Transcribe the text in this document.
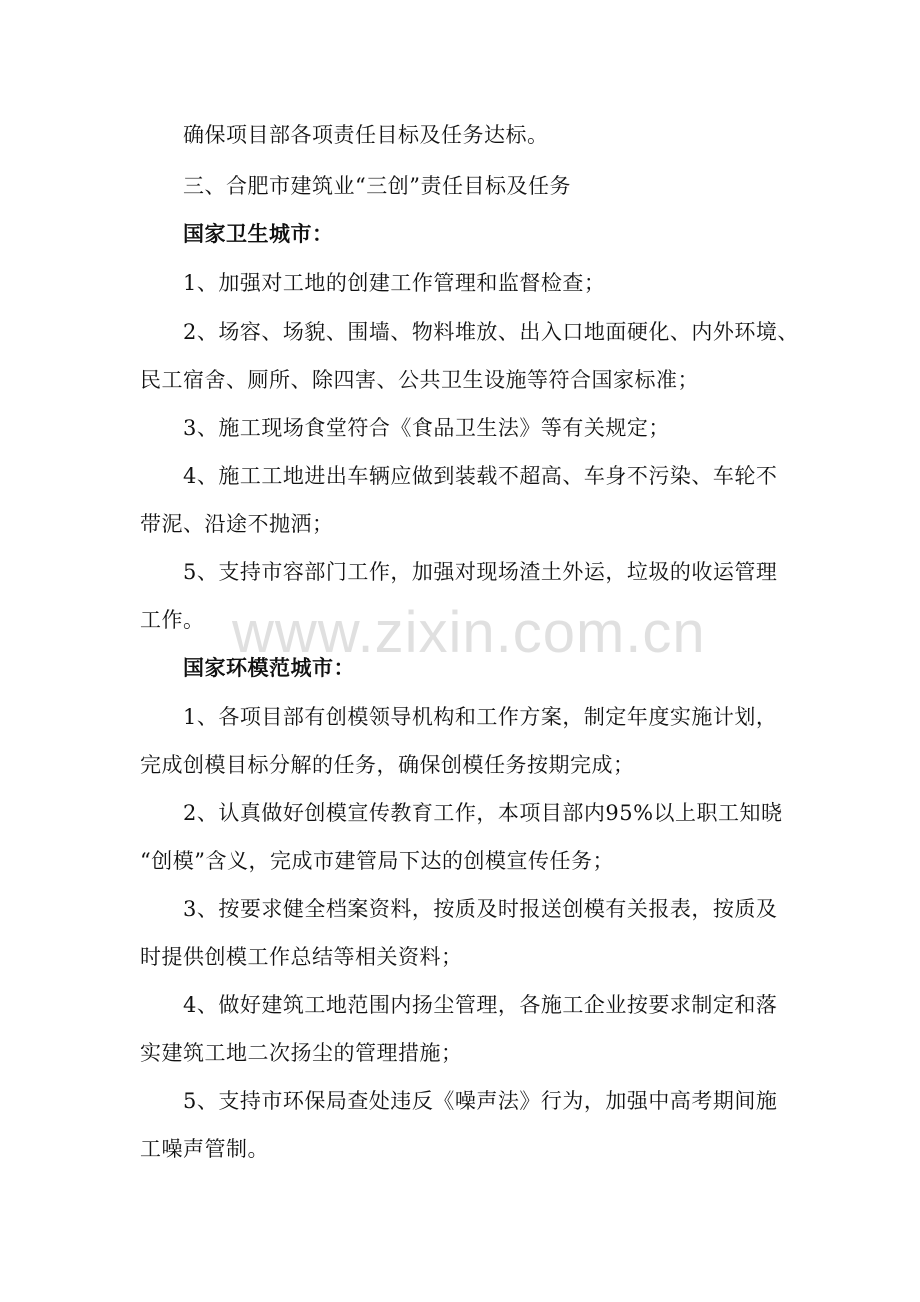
确保项目部各项责任目标及任务达标。
三、合肥市建筑业“三创”责任目标及任务
国家卫生城市：
1、加强对工地的创建工作管理和监督检查；
2、场容、场貌、围墙、物料堆放、出入口地面硬化、内外环境、
民工宿舍、厕所、除四害、公共卫生设施等符合国家标准；
3、施工现场食堂符合《食品卫生法》等有关规定；
4、施工工地进出车辆应做到装载不超高、车身不污染、车轮不
带泥、沿途不抛洒；
5、支持市容部门工作，加强对现场渣土外运，垃圾的收运管理
工作。
国家环模范城市：
1、各项目部有创模领导机构和工作方案，制定年度实施计划，
完成创模目标分解的任务，确保创模任务按期完成；
2、认真做好创模宣传教育工作，本项目部内95%以上职工知晓
“创模”含义，完成市建管局下达的创模宣传任务；
3、按要求健全档案资料，按质及时报送创模有关报表，按质及
时提供创模工作总结等相关资料；
4、做好建筑工地范围内扬尘管理，各施工企业按要求制定和落
实建筑工地二次扬尘的管理措施；
5、支持市环保局查处违反《噪声法》行为，加强中高考期间施
工噪声管制。
www.zixin.com.cn
